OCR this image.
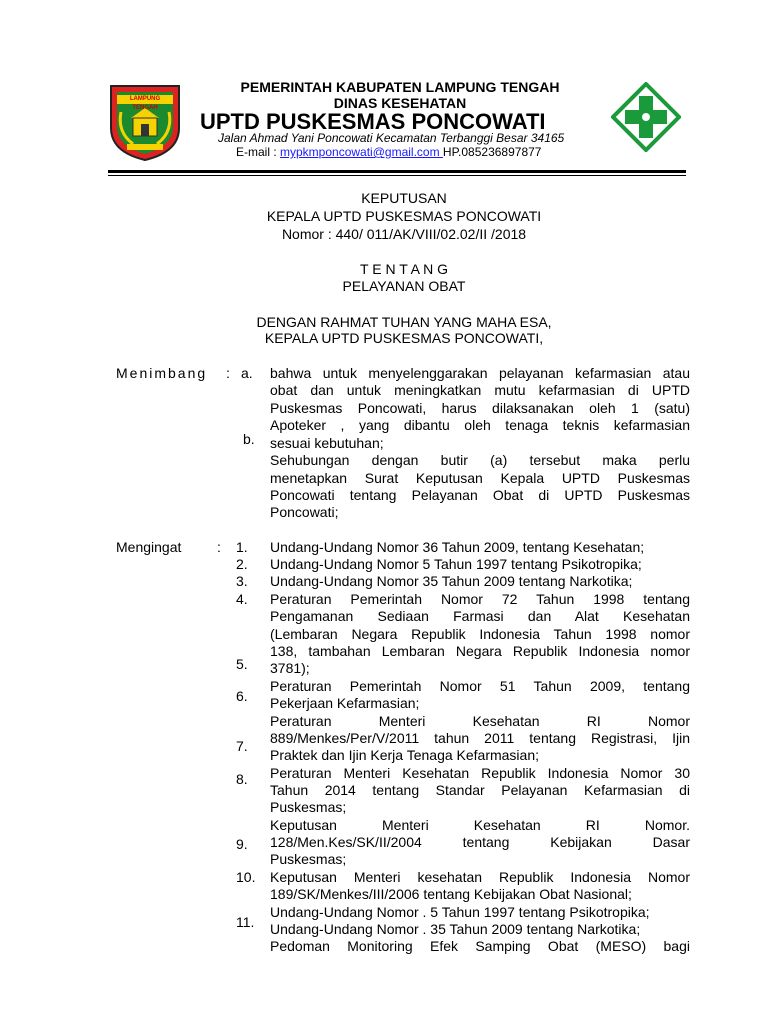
LAMPUNG TENGAH
PEMERINTAH KABUPATEN LAMPUNG TENGAH
DINAS KESEHATAN
UPTD PUSKESMAS PONCOWATI
Jalan Ahmad Yani Poncowati Kecamatan Terbanggi Besar 34165
E-mail : mypkmponcowati@gmail.com HP.085236897877
KEPUTUSAN
KEPALA UPTD PUSKESMAS PONCOWATI
Nomor : 440/ 011/AK/VIII/02.02/II /2018
T E N T A N G
PELAYANAN OBAT
DENGAN RAHMAT TUHAN YANG MAHA ESA,
KEPALA UPTD PUSKESMAS PONCOWATI,
Menimbang : a.
b.
bahwa untuk menyelenggarakan pelayanan kefarmasian atau
obat dan untuk meningkatkan mutu kefarmasian di UPTD
Puskesmas Poncowati, harus dilaksanakan oleh 1 (satu)
Apoteker , yang dibantu oleh tenaga teknis kefarmasian
sesuai kebutuhan;
Sehubungan dengan butir (a) tersebut maka perlu
menetapkan Surat Keputusan Kepala UPTD Puskesmas
Poncowati tentang Pelayanan Obat di UPTD Puskesmas
Poncowati;
Mengingat	: 1.
2.
3.
4.
5.
6.
7.
8.
9.
10.
11.
Undang-Undang Nomor 36 Tahun 2009, tentang Kesehatan;
Undang-Undang Nomor 5 Tahun 1997 tentang Psikotropika;
Undang-Undang Nomor 35 Tahun 2009 tentang Narkotika;
Peraturan Pemerintah Nomor 72 Tahun 1998 tentang
Pengamanan Sediaan Farmasi dan Alat Kesehatan
(Lembaran Negara Republik Indonesia Tahun 1998 nomor
138, tambahan Lembaran Negara Republik Indonesia nomor
3781);
Peraturan Pemerintah Nomor 51 Tahun 2009, tentang
Pekerjaan Kefarmasian;
Peraturan Menteri Kesehatan RI Nomor
889/Menkes/Per/V/2011 tahun 2011 tentang Registrasi, Ijin
Praktek dan Ijin Kerja Tenaga Kefarmasian;
Peraturan Menteri Kesehatan Republik Indonesia Nomor 30
Tahun 2014 tentang Standar Pelayanan Kefarmasian di
Puskesmas;
Keputusan Menteri Kesehatan RI Nomor.
128/Men.Kes/SK/II/2004 tentang Kebijakan Dasar
Puskesmas;
Keputusan Menteri kesehatan Republik Indonesia Nomor
189/SK/Menkes/III/2006 tentang Kebijakan Obat Nasional;
Undang-Undang Nomor . 5 Tahun 1997 tentang Psikotropika;
Undang-Undang Nomor . 35 Tahun 2009 tentang Narkotika;
Pedoman Monitoring Efek Samping Obat (MESO) bagi
